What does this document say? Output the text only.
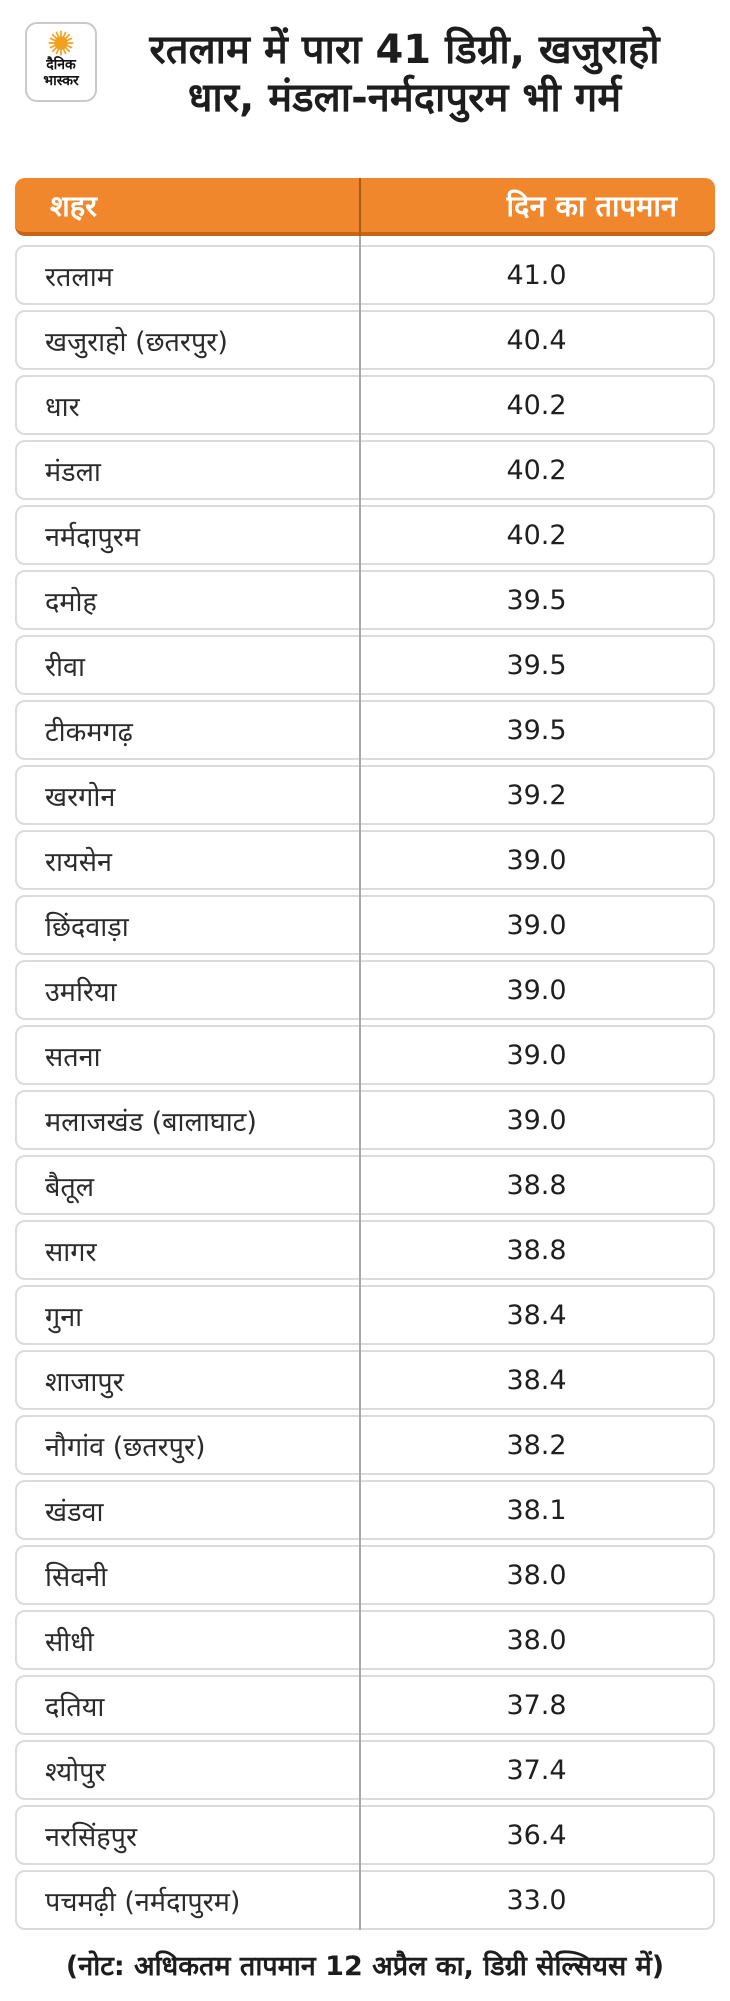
दैनिक
भास्कर
रतलाम में पारा 41 डिग्री, खजुराहो
धार, मंडला-नर्मदापुरम भी गर्म
शहर	दिन का तापमान
रतलाम	41.0
खजुराहो (छतरपुर)	40.4
धार	40.2
मंडला	40.2
नर्मदापुरम	40.2
दमोह	39.5
रीवा	39.5
टीकमगढ़	39.5
खरगोन	39.2
रायसेन	39.0
छिंदवाड़ा	39.0
उमरिया	39.0
सतना	39.0
मलाजखंड (बालाघाट)	39.0
बैतूल	38.8
सागर	38.8
गुना	38.4
शाजापुर	38.4
नौगांव (छतरपुर)	38.2
खंडवा	38.1
सिवनी	38.0
सीधी	38.0
दतिया	37.8
श्योपुर	37.4
नरसिंहपुर	36.4
पचमढ़ी (नर्मदापुरम)	33.0
(नोट: अधिकतम तापमान 12 अप्रैल का, डिग्री सेल्सियस में)
